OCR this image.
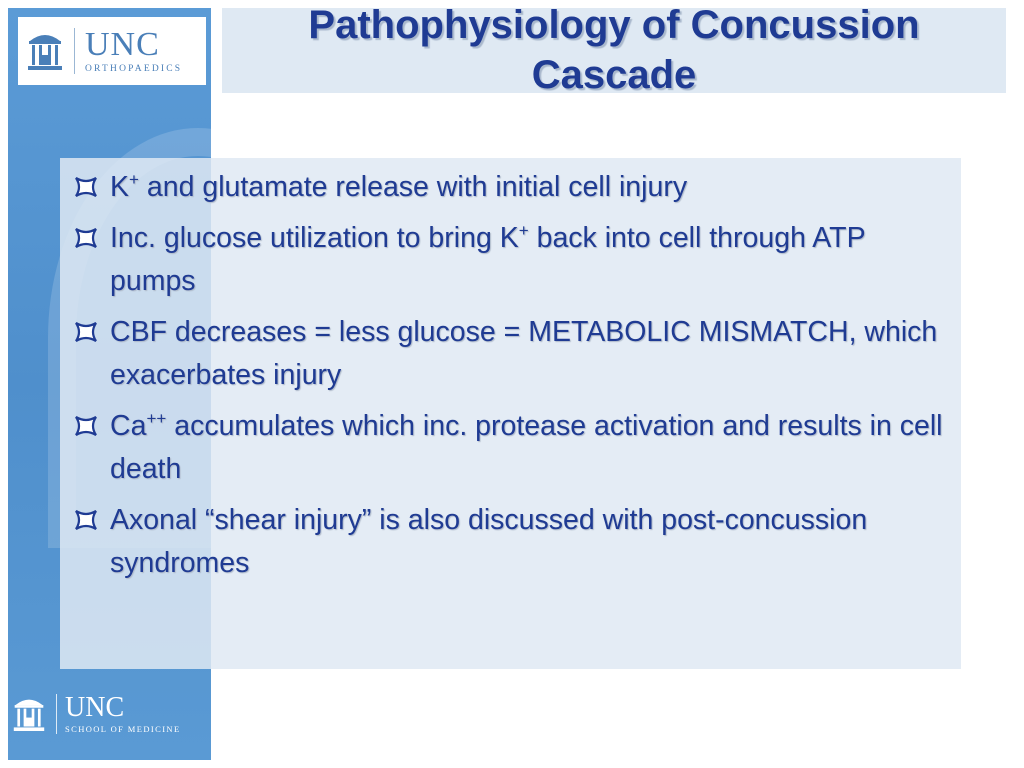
UNC
ORTHOPAEDICS
UNC
SCHOOL OF MEDICINE
Pathophysiology of Concussion Cascade
K+ and glutamate release with initial cell injury
Inc. glucose utilization to bring K+ back into cell through ATP pumps
CBF decreases = less glucose = METABOLIC MISMATCH, which exacerbates injury
Ca++ accumulates which inc. protease activation and results in cell death
Axonal “shear injury” is also discussed with post-concussion syndromes
